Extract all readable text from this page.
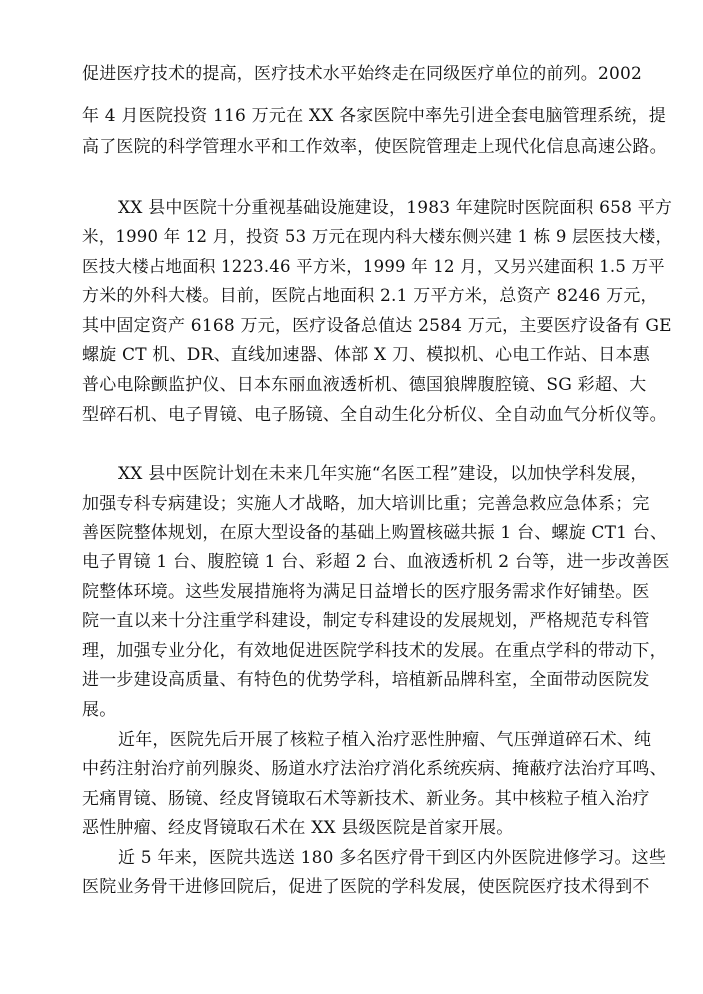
促进医疗技术的提高，医疗技术水平始终走在同级医疗单位的前列。2002
年 4 月医院投资 116 万元在 XX 各家医院中率先引进全套电脑管理系统，提
高了医院的科学管理水平和工作效率，使医院管理走上现代化信息高速公路。
XX 县中医院十分重视基础设施建设，1983 年建院时医院面积 658 平方
米，1990 年 12 月，投资 53 万元在现内科大楼东侧兴建 1 栋 9 层医技大楼，
医技大楼占地面积 1223.46 平方米，1999 年 12 月，又另兴建面积 1.5 万平
方米的外科大楼。目前，医院占地面积 2.1 万平方米，总资产 8246 万元，
其中固定资产 6168 万元，医疗设备总值达 2584 万元，主要医疗设备有 GE
螺旋 CT 机、DR、直线加速器、体部 X 刀、模拟机、心电工作站、日本惠
普心电除颤监护仪、日本东丽血液透析机、德国狼牌腹腔镜、SG 彩超、大
型碎石机、电子胃镜、电子肠镜、全自动生化分析仪、全自动血气分析仪等。
XX 县中医院计划在未来几年实施“名医工程”建设，以加快学科发展，
加强专科专病建设；实施人才战略，加大培训比重；完善急救应急体系；完
善医院整体规划，在原大型设备的基础上购置核磁共振 1 台、螺旋 CT1 台、
电子胃镜 1 台、腹腔镜 1 台、彩超 2 台、血液透析机 2 台等，进一步改善医
院整体环境。这些发展措施将为满足日益增长的医疗服务需求作好铺垫。医
院一直以来十分注重学科建设，制定专科建设的发展规划，严格规范专科管
理，加强专业分化，有效地促进医院学科技术的发展。在重点学科的带动下，
进一步建设高质量、有特色的优势学科，培植新品牌科室，全面带动医院发
展。
近年，医院先后开展了核粒子植入治疗恶性肿瘤、气压弹道碎石术、纯
中药注射治疗前列腺炎、肠道水疗法治疗消化系统疾病、掩蔽疗法治疗耳鸣、
无痛胃镜、肠镜、经皮肾镜取石术等新技术、新业务。其中核粒子植入治疗
恶性肿瘤、经皮肾镜取石术在 XX 县级医院是首家开展。
近 5 年来，医院共选送 180 多名医疗骨干到区内外医院进修学习。这些
医院业务骨干进修回院后，促进了医院的学科发展，使医院医疗技术得到不
